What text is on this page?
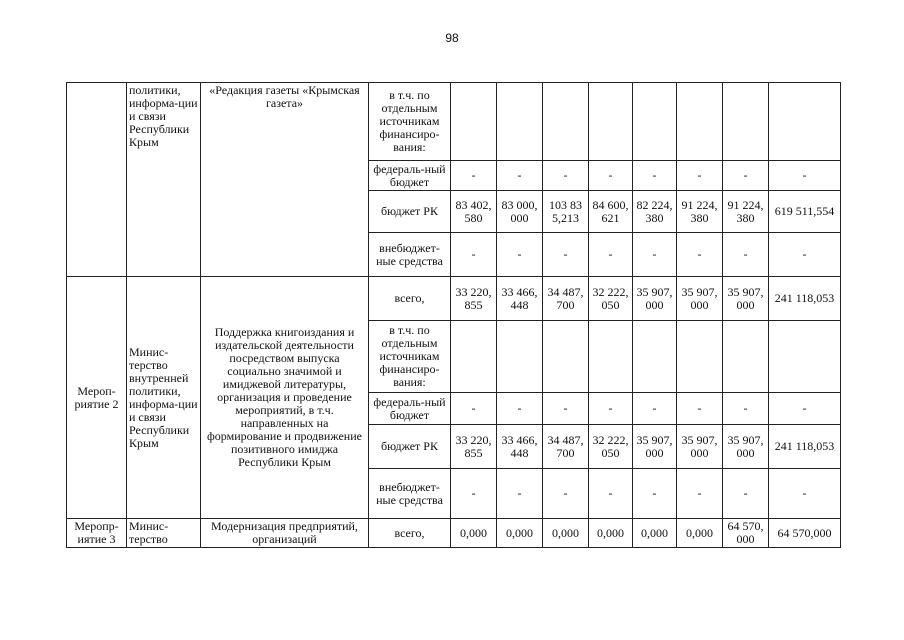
98
	политики, информа-ции и связи Республики Крым	«Редакция газеты «Крымская газета»	в т.ч. по отдельным источникам финансиро-вания:								
			федераль-ный бюджет	-	-	-	-	-	-	-	-
			бюджет РК	83 402,580	83 000,000	103 835,213	84 600,621	82 224,380	91 224,380	91 224,380	619 511,554
			внебюджет-ные средства	-	-	-	-	-	-	-	-
Мероп-риятие 2	Минис-терство внутренней политики, информа-ции и связи Республики Крым	Поддержка книгоиздания и издательской деятельности посредством выпуска социально значимой и имиджевой литературы, организация и проведение мероприятий, в т.ч. направленных на формирование и продвижение позитивного имиджа Республики Крым	всего,	33 220,855	33 466,448	34 487,700	32 222,050	35 907,000	35 907,000	35 907,000	241 118,053
			в т.ч. по отдельным источникам финансиро-вания:								
			федераль-ный бюджет	-	-	-	-	-	-	-	-
			бюджет РК	33 220,855	33 466,448	34 487,700	32 222,050	35 907,000	35 907,000	35 907,000	241 118,053
			внебюджет-ные средства	-	-	-	-	-	-	-	-
Меропр-иятие 3	Минис-терство	Модернизация предприятий, организаций	всего,	0,000	0,000	0,000	0,000	0,000	0,000	64 570,000	64 570,000
